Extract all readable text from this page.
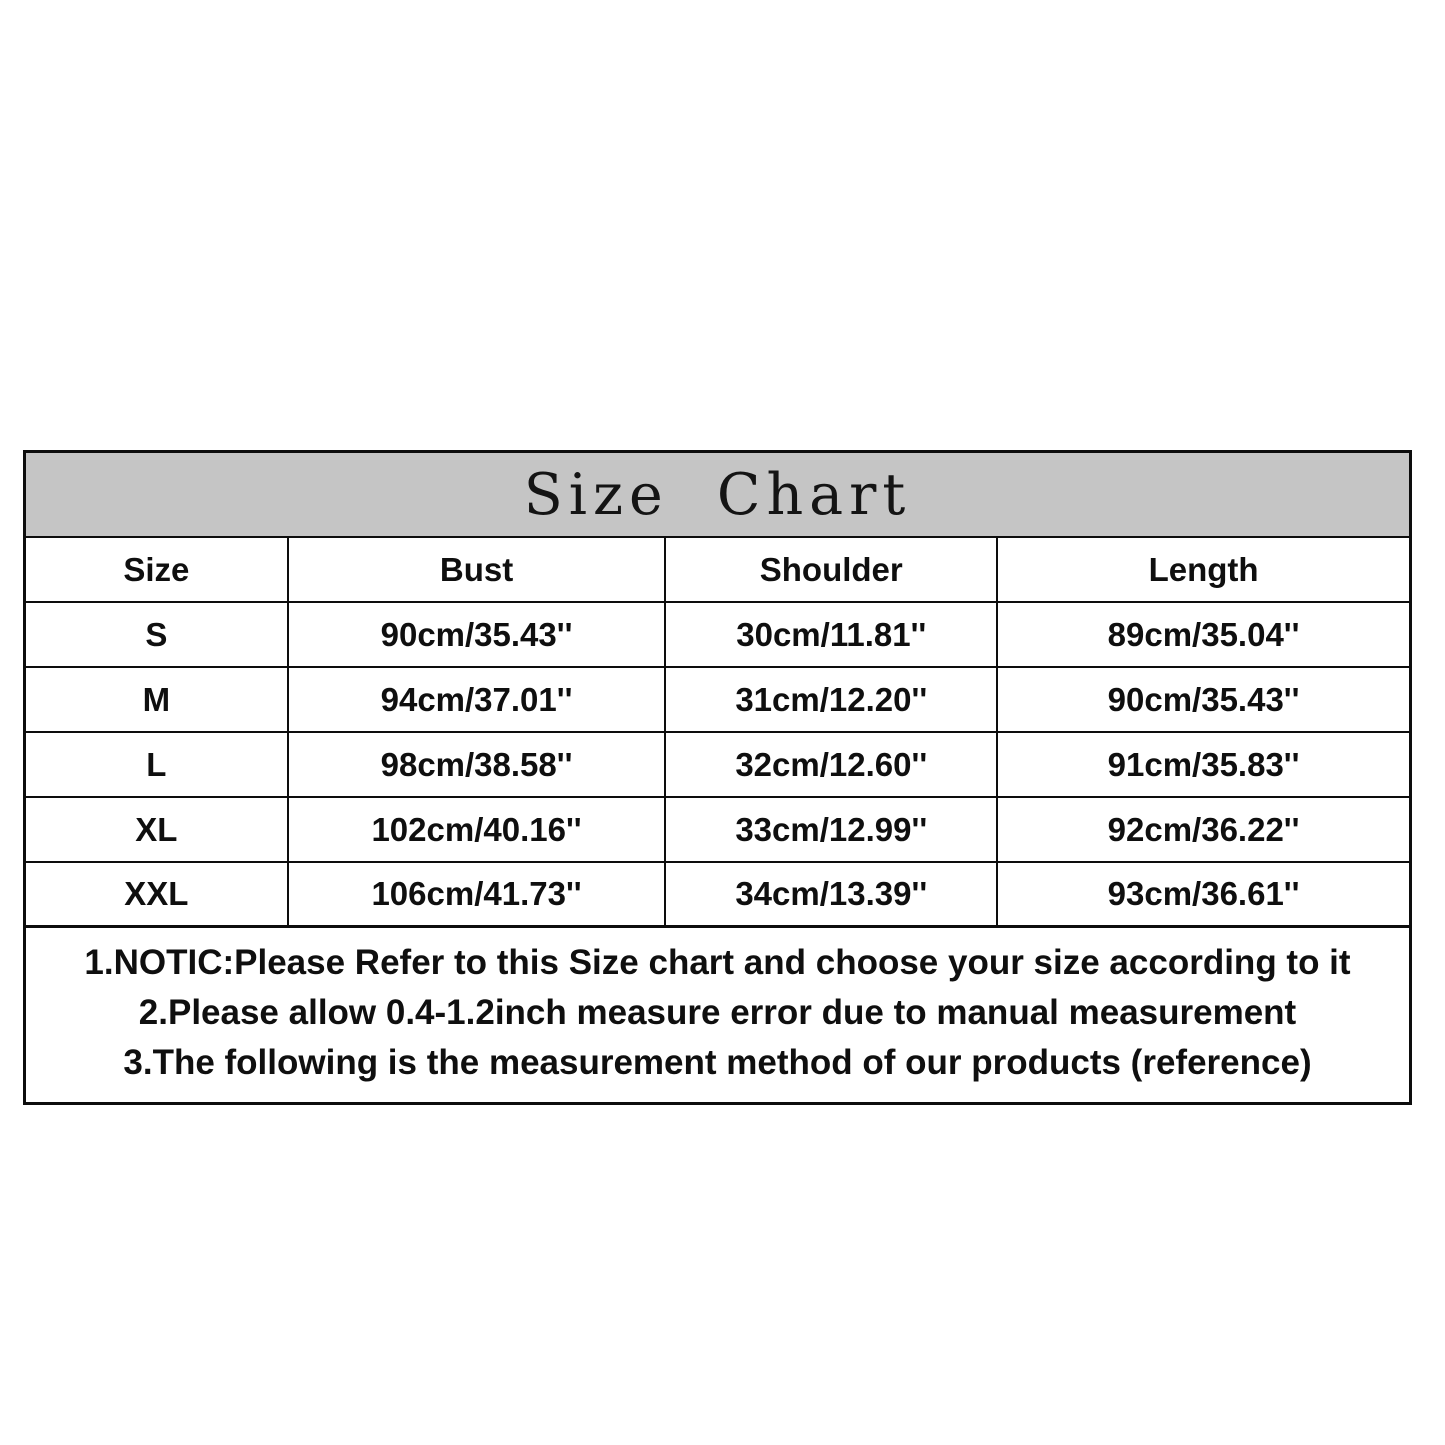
Size Chart
Size	Bust	Shoulder	Length
S	90cm/35.43''	30cm/11.81''	89cm/35.04''
M	94cm/37.01''	31cm/12.20''	90cm/35.43''
L	98cm/38.58''	32cm/12.60''	91cm/35.83''
XL	102cm/40.16''	33cm/12.99''	92cm/36.22''
XXL	106cm/41.73''	34cm/13.39''	93cm/36.61''
1.NOTIC:Please Refer to this Size chart and choose your size according to it
2.Please allow 0.4-1.2inch measure error due to manual measurement
3.The following is the measurement method of our products (reference)
